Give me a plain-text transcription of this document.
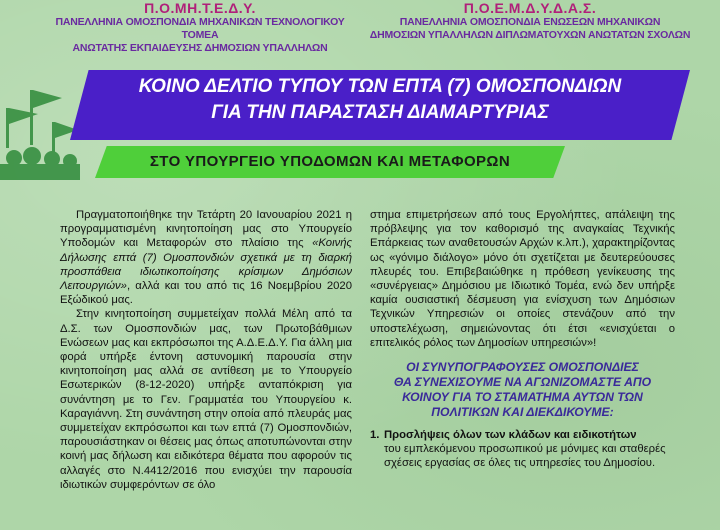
Π.Ο.ΜΗ.Τ.Ε.Δ.Υ.
ΠΑΝΕΛΛΗΝΙΑ ΟΜΟΣΠΟΝΔΙΑ ΜΗΧΑΝΙΚΩΝ ΤΕΧΝΟΛΟΓΙΚΟΥ ΤΟΜΕΑ
ΑΝΩΤΑΤΗΣ ΕΚΠΑΙΔΕΥΣΗΣ ΔΗΜΟΣΙΩΝ ΥΠΑΛΛΗΛΩΝ
Π.Ο.Ε.Μ.Δ.Υ.Δ.Α.Σ.
ΠΑΝΕΛΛΗΝΙΑ ΟΜΟΣΠΟΝΔΙΑ ΕΝΩΣΕΩΝ ΜΗΧΑΝΙΚΩΝ
ΔΗΜΟΣΙΩΝ ΥΠΑΛΛΗΛΩΝ ΔΙΠΛΩΜΑΤΟΥΧΩΝ ΑΝΩΤΑΤΩΝ ΣΧΟΛΩΝ
ΚΟΙΝΟ ΔΕΛΤΙΟ ΤΥΠΟΥ ΤΩΝ ΕΠΤΑ (7) ΟΜΟΣΠΟΝΔΙΩΝ
ΓΙΑ ΤΗΝ ΠΑΡΑΣΤΑΣΗ ΔΙΑΜΑΡΤΥΡΙΑΣ
ΣΤΟ ΥΠΟΥΡΓΕΙΟ ΥΠΟΔΟΜΩΝ ΚΑΙ ΜΕΤΑΦΟΡΩΝ

Πραγματοποιήθηκε την Τετάρτη 20 Ιανουαρίου 2021 η προγραμματισμένη κινητοποίηση μας στο Υπουργείο Υποδομών και Μεταφορών στο πλαίσιο της «Κοινής Δήλωσης επτά (7) Ομοσπονδιών σχετικά με τη διαρκή προσπάθεια ιδιωτικοποίησης κρίσιμων Δημόσιων Λειτουργιών», αλλά και του από τις 16 Νοεμβρίου 2020 Εξώδικού μας.

Στην κινητοποίηση συμμετείχαν πολλά Μέλη από τα Δ.Σ. των Ομοσπονδιών μας, των Πρωτοβάθμιων Ενώσεων μας και εκπρόσωποι της Α.Δ.Ε.Δ.Υ. Για άλλη μια φορά υπήρξε έντονη αστυνομική παρουσία στην κινητοποίηση μας αλλά σε αντίθεση με το Υπουργείο Εσωτερικών (8-12-2020) υπήρξε ανταπόκριση για συνάντηση με το Γεν. Γραμματέα του Υπουργείου κ. Καραγιάννη. Στη συνάντηση στην οποία από πλευράς μας συμμετείχαν εκπρόσωποι και των επτά (7) Ομοσπονδιών, παρουσιάστηκαν οι θέσεις μας όπως αποτυπώνονται στην κοινή μας δήλωση και ειδικότερα θέματα που αφορούν τις αλλαγές στο Ν.4412/2016 που ενισχύει την παρουσία ιδιωτικών συμφερόντων σε όλο

στημα επιμετρήσεων από τους Εργολήπτες, απάλειψη της πρόβλεψης για τον καθορισμό της αναγκαίας Τεχνικής Επάρκειας των αναθετουσών Αρχών κ.λπ.), χαρακτηρίζοντας ως «γόνιμο διάλογο» μόνο ότι σχετίζεται με δευτερεύουσες πλευρές του. Επιβεβαιώθηκε η πρόθεση γενίκευσης της «συνέργειας» Δημόσιου με Ιδιωτικό Τομέα, ενώ δεν υπήρξε καμία ουσιαστική δέσμευση για ενίσχυση των Δημόσιων Τεχνικών Υπηρεσιών οι οποίες στενάζουν από την υποστελέχωση, σημειώνοντας ότι έτσι «ενισχύεται ο επιτελικός ρόλος των Δημοσίων υπηρεσιών»!

ΟΙ ΣΥΝΥΠΟΓΡΑΦΟΥΣΕΣ ΟΜΟΣΠΟΝΔΙΕΣ
ΘΑ ΣΥΝΕΧΙΣΟΥΜΕ ΝΑ ΑΓΩΝΙΖΟΜΑΣΤΕ ΑΠΟ
ΚΟΙΝΟΥ ΓΙΑ ΤΟ ΣΤΑΜΑΤΗΜΑ ΑΥΤΩΝ ΤΩΝ
ΠΟΛΙΤΙΚΩΝ ΚΑΙ ΔΙΕΚΔΙΚΟΥΜΕ:
1. Προσλήψεις όλων των κλάδων και ειδικοτήτων
του εμπλεκόμενου προσωπικού με μόνιμες και σταθερές σχέσεις εργασίας σε όλες τις υπηρεσίες του Δημοσίου.
